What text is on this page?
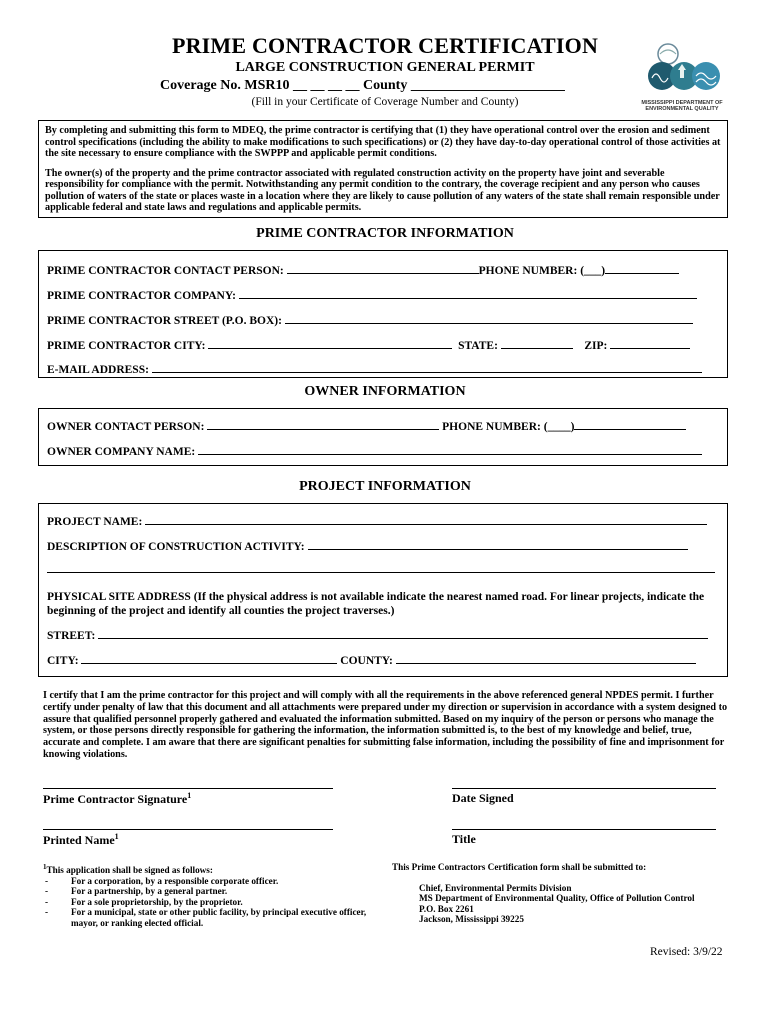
PRIME CONTRACTOR CERTIFICATION
LARGE CONSTRUCTION GENERAL PERMIT
Coverage No. MSR10 __ __ __ __ County ______________________
(Fill in your Certificate of Coverage Number and County)	MISSISSIPPI DEPARTMENT OF ENVIRONMENTAL QUALITY

By completing and submitting this form to MDEQ, the prime contractor is certifying that (1) they have operational control over the erosion and sediment control specifications (including the ability to make modifications to such specifications) or (2) they have day-to-day operational control of those activities at the site necessary to ensure compliance with the SWPPP and applicable permit conditions.

The owner(s) of the property and the prime contractor associated with regulated construction activity on the property have joint and severable responsibility for compliance with the permit. Notwithstanding any permit condition to the contrary, the coverage recipient and any person who causes pollution of waters of the state or places waste in a location where they are likely to cause pollution of any waters of the state shall remain responsible under applicable federal and state laws and regulations and applicable permits.

PRIME CONTRACTOR INFORMATION
PRIME CONTRACTOR CONTACT PERSON:	PHONE NUMBER: (___)
PRIME CONTRACTOR COMPANY:
PRIME CONTRACTOR STREET (P.O. BOX):
PRIME CONTRACTOR CITY:	STATE:	ZIP:
E-MAIL ADDRESS:
OWNER INFORMATION
OWNER CONTACT PERSON:	PHONE NUMBER: (____)
OWNER COMPANY NAME:
PROJECT INFORMATION
PROJECT NAME:
DESCRIPTION OF CONSTRUCTION ACTIVITY:
PHYSICAL SITE ADDRESS (If the physical address is not available indicate the nearest named road. For linear projects, indicate the beginning of the project and identify all counties the project traverses.)
STREET:
CITY:	COUNTY:
I certify that I am the prime contractor for this project and will comply with all the requirements in the above referenced general NPDES permit. I further certify under penalty of law that this document and all attachments were prepared under my direction or supervision in accordance with a system designed to assure that qualified personnel properly gathered and evaluated the information submitted. Based on my inquiry of the person or persons who manage the system, or those persons directly responsible for gathering the information, the information submitted is, to the best of my knowledge and belief, true, accurate and complete. I am aware that there are significant penalties for submitting false information, including the possibility of fine and imprisonment for knowing violations.
Prime Contractor Signature$^1$	Date Signed
Printed Name$^1$	Title
$^1$This application shall be signed as follows:
- For a corporation, by a responsible corporate officer.
- For a partnership, by a general partner.
- For a sole proprietorship, by the proprietor.
- For a municipal, state or other public facility, by principal executive officer, mayor, or ranking elected official.
This Prime Contractors Certification form shall be submitted to:
Chief, Environmental Permits Division
MS Department of Environmental Quality, Office of Pollution Control
P.O. Box 2261
Jackson, Mississippi 39225
Revised: 3/9/22
